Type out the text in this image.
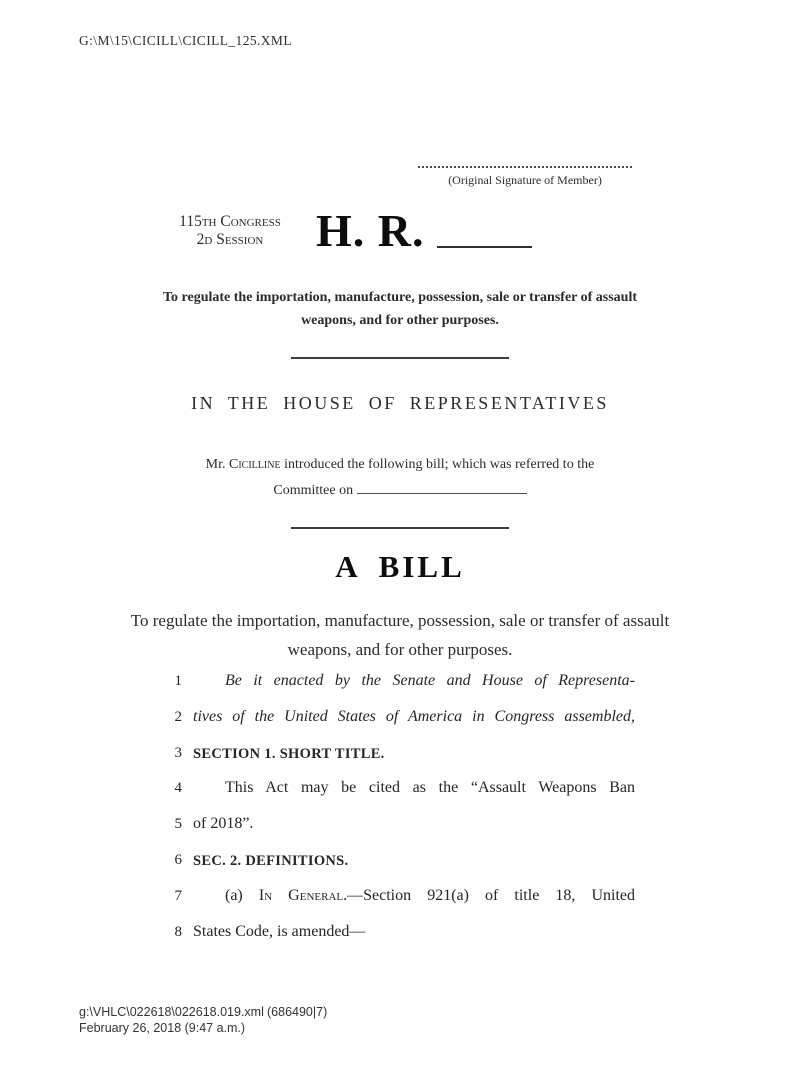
G:\M\15\CICILL\CICILL_125.XML
(Original Signature of Member)
115th Congress
2d Session	H. R.
To regulate the importation, manufacture, possession, sale or transfer of assault weapons, and for other purposes.
IN THE HOUSE OF REPRESENTATIVES
Mr. Cicilline introduced the following bill; which was referred to the
Committee on
A BILL
To regulate the importation, manufacture, possession, sale or transfer of assault weapons, and for other purposes.
1	Be it enacted by the Senate and House of Representa-
2 tives of the United States of America in Congress assembled,
3 SECTION 1. SHORT TITLE.
4	This Act may be cited as the “Assault Weapons Ban
5 of 2018”.
6 SEC. 2. DEFINITIONS.
7	(a) In General.—Section 921(a) of title 18, United
8 States Code, is amended—
g:\VHLC\022618\022618.019.xml (686490|7)
February 26, 2018 (9:47 a.m.)
